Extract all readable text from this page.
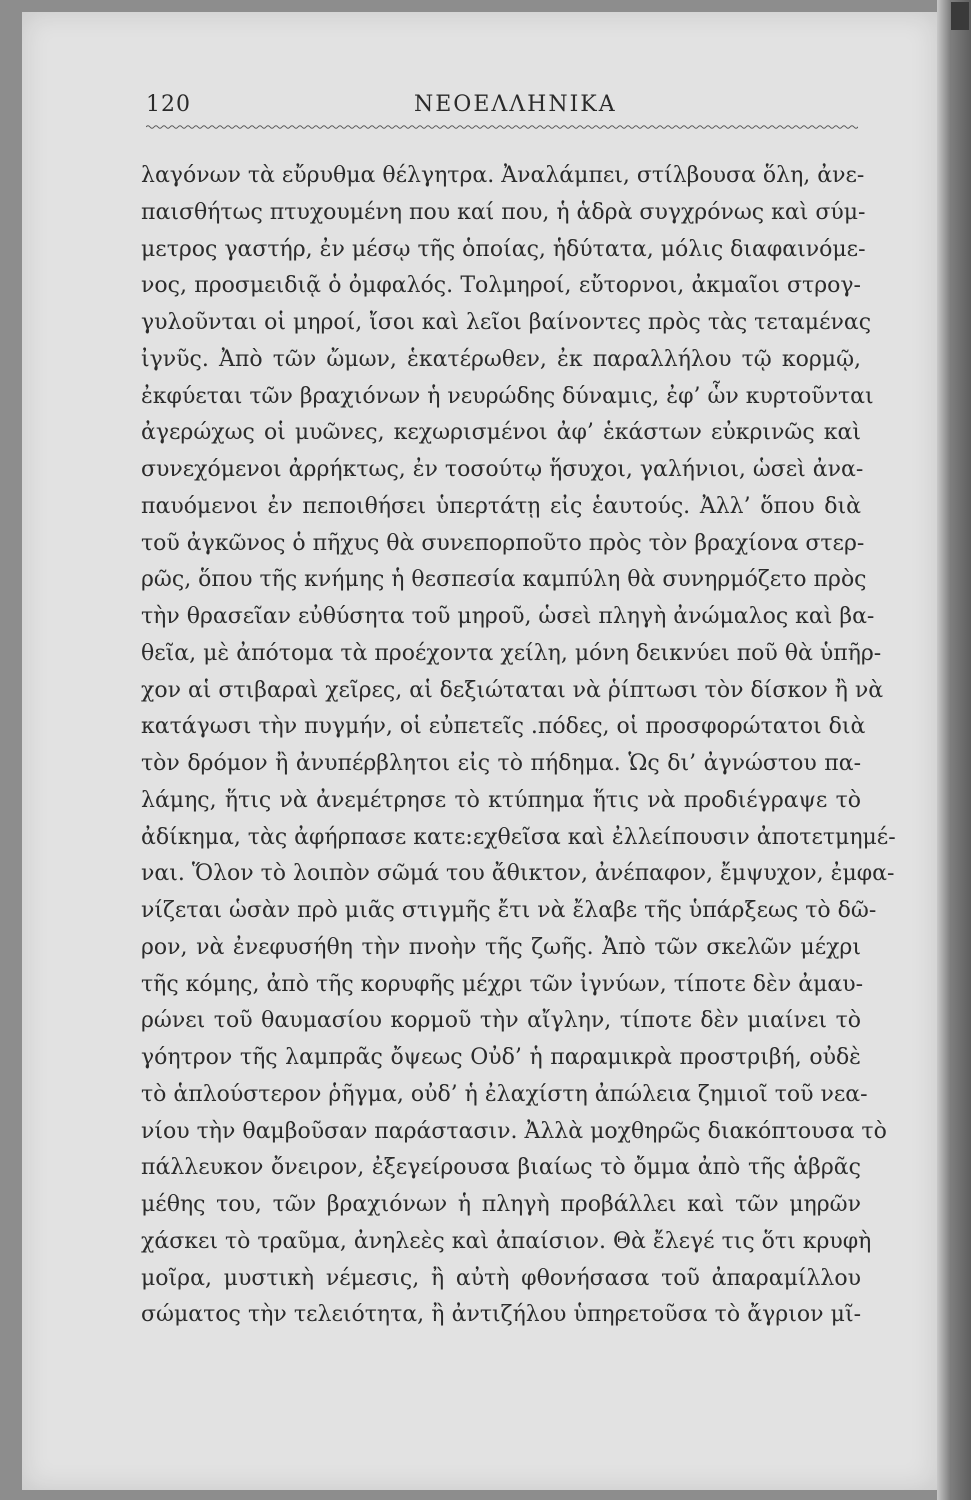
120	ΝΕΟΕΛΛΗΝΙΚΑ
λαγόνων τὰ εὔρυθμα θέλγητρα. Ἀναλάμπει, στίλβουσα ὅλη, ἀνε-
παισθήτως πτυχουμένη που καί που, ἡ ἁδρὰ συγχρόνως καὶ σύμ-
μετρος γαστήρ, ἐν μέσῳ τῆς ὁποίας, ἡδύτατα, μόλις διαφαινόμε-
νος, προσμειδιᾷ ὁ ὀμφαλός. Τολμηροί, εὔτορνοι, ἀκμαῖοι στρογ-
γυλοῦνται οἱ μηροί, ἴσοι καὶ λεῖοι βαίνοντες πρὸς τὰς τεταμένας
ἰγνῦς. Ἀπὸ τῶν ὤμων, ἑκατέρωθεν, ἐκ παραλλήλου τῷ κορμῷ,
ἐκφύεται τῶν βραχιόνων ἡ νευρώδης δύναμις, ἐφ’ ὧν κυρτοῦνται
ἀγερώχως οἱ μυῶνες, κεχωρισμένοι ἀφ’ ἑκάστων εὐκρινῶς καὶ
συνεχόμενοι ἀρρήκτως, ἐν τοσούτῳ ἥσυχοι, γαλήνιοι, ὡσεὶ ἀνα-
παυόμενοι ἐν πεποιθήσει ὑπερτάτῃ εἰς ἑαυτούς. Ἀλλ’ ὅπου διὰ
τοῦ ἀγκῶνος ὁ πῆχυς θὰ συνεπορποῦτο πρὸς τὸν βραχίονα στερ-
ρῶς, ὅπου τῆς κνήμης ἡ θεσπεσία καμπύλη θὰ συνηρμόζετο πρὸς
τὴν θρασεῖαν εὐθύσητα τοῦ μηροῦ, ὡσεὶ πληγὴ ἀνώμαλος καὶ βα-
θεῖα, μὲ ἀπότομα τὰ προέχοντα χείλη, μόνη δεικνύει ποῦ θὰ ὑπῆρ-
χον αἱ στιβαραὶ χεῖρες, αἱ δεξιώταται νὰ ῥίπτωσι τὸν δίσκον ἢ νὰ
κατάγωσι τὴν πυγμήν, οἱ εὐπετεῖς .πόδες, οἱ προσφορώτατοι διὰ
τὸν δρόμον ἢ ἀνυπέρβλητοι εἰς τὸ πήδημα. Ὡς δι’ ἀγνώστου πα-
λάμης, ἥτις νὰ ἀνεμέτρησε τὸ κτύπημα ἥτις νὰ προδιέγραψε τὸ
ἀδίκημα, τὰς ἀφήρπασε κατε:εχθεῖσα καὶ ἐλλείπουσιν ἀποτετμημέ-
ναι. Ὅλον τὸ λοιπὸν σῶμά του ἄθικτον, ἀνέπαφον, ἔμψυχον, ἐμφα-
νίζεται ὡσὰν πρὸ μιᾶς στιγμῆς ἔτι νὰ ἔλαβε τῆς ὑπάρξεως τὸ δῶ-
ρον, νὰ ἐνεφυσήθη τὴν πνοὴν τῆς ζωῆς. Ἀπὸ τῶν σκελῶν μέχρι
τῆς κόμης, ἀπὸ τῆς κορυφῆς μέχρι τῶν ἰγνύων, τίποτε δὲν ἀμαυ-
ρώνει τοῦ θαυμασίου κορμοῦ τὴν αἴγλην, τίποτε δὲν μιαίνει τὸ
γόητρον τῆς λαμπρᾶς ὄψεως Οὐδ’ ἡ παραμικρὰ προστριβή, οὐδὲ
τὸ ἁπλούστερον ῥῆγμα, οὐδ’ ἡ ἐλαχίστη ἀπώλεια ζημιοῖ τοῦ νεα-
νίου τὴν θαμβοῦσαν παράστασιν. Ἀλλὰ μοχθηρῶς διακόπτουσα τὸ
πάλλευκον ὄνειρον, ἐξεγείρουσα βιαίως τὸ ὄμμα ἀπὸ τῆς ἁβρᾶς
μέθης του, τῶν βραχιόνων ἡ πληγὴ προβάλλει καὶ τῶν μηρῶν
χάσκει τὸ τραῦμα, ἀνηλεὲς καὶ ἀπαίσιον. Θὰ ἔλεγέ τις ὅτι κρυφὴ
μοῖρα, μυστικὴ νέμεσις, ἢ αὐτὴ φθονήσασα τοῦ ἀπαραμίλλου
σώματος τὴν τελειότητα, ἢ ἀντιζήλου ὑπηρετοῦσα τὸ ἄγριον μῖ-
